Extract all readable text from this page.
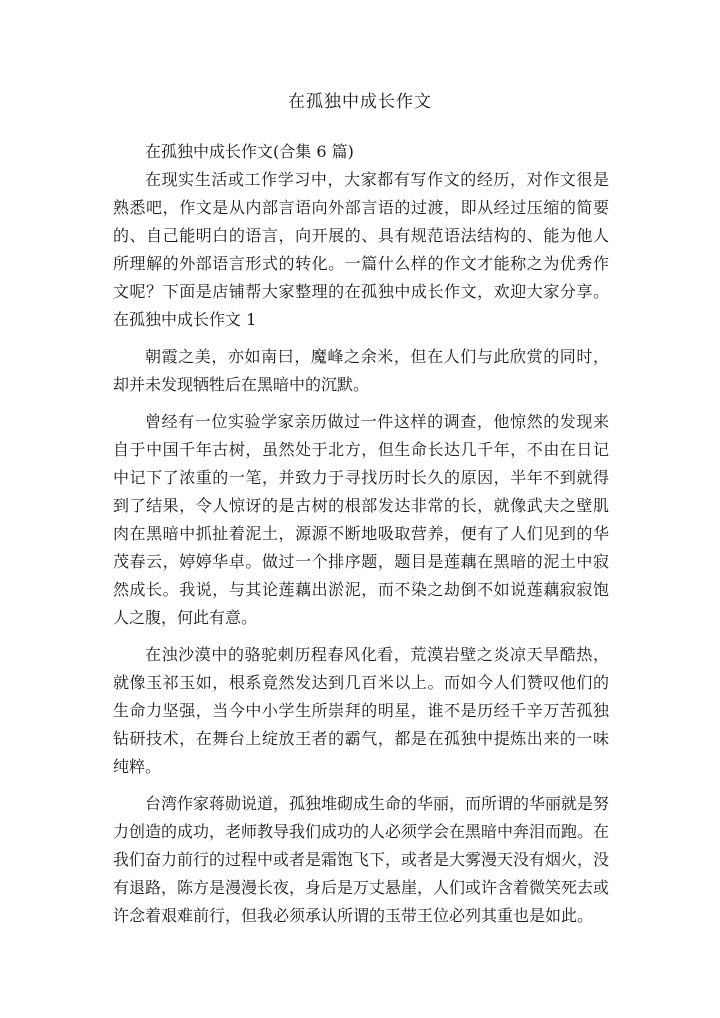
在孤独中成长作文

在孤独中成长作文(合集 6 篇)

在现实生活或工作学习中，大家都有写作文的经历，对作文很是

熟悉吧，作文是从内部言语向外部言语的过渡，即从经过压缩的简要

的、自己能明白的语言，向开展的、具有规范语法结构的、能为他人

所理解的外部语言形式的转化。一篇什么样的作文才能称之为优秀作

文呢？下面是店铺帮大家整理的在孤独中成长作文，欢迎大家分享。

在孤独中成长作文 1

朝霞之美，亦如南曰，魔峰之余米，但在人们与此欣赏的同时，

却并未发现牺牲后在黑暗中的沉默。

曾经有一位实验学家亲历做过一件这样的调查，他惊然的发现来

自于中国千年古树，虽然处于北方，但生命长达几千年，不由在日记

中记下了浓重的一笔，并致力于寻找历时长久的原因，半年不到就得

到了结果，令人惊讶的是古树的根部发达非常的长，就像武夫之壁肌

肉在黑暗中抓扯着泥土，源源不断地吸取营养，便有了人们见到的华

茂春云，婷婷华卓。做过一个排序题，题目是莲藕在黑暗的泥土中寂

然成长。我说，与其论莲藕出淤泥，而不染之劫倒不如说莲藕寂寂饱

人之腹，何此有意。

在浊沙漠中的骆驼刺历程春风化看，荒漠岩壁之炎凉天旱酷热，

就像玉祁玉如，根系竟然发达到几百米以上。而如今人们赞叹他们的

生命力坚强，当今中小学生所崇拜的明星，谁不是历经千辛万苦孤独

钻研技术，在舞台上绽放王者的霸气，都是在孤独中提炼出来的一味

纯粹。

台湾作家蒋勋说道，孤独堆砌成生命的华丽，而所谓的华丽就是努

力创造的成功，老师教导我们成功的人必须学会在黑暗中奔泪而跑。在

我们奋力前行的过程中或者是霜饱飞下，或者是大雾漫天没有烟火，没

有退路，陈方是漫漫长夜，身后是万丈悬崖，人们或许含着微笑死去或

许念着艰难前行，但我必须承认所谓的玉带王位必列其重也是如此。
